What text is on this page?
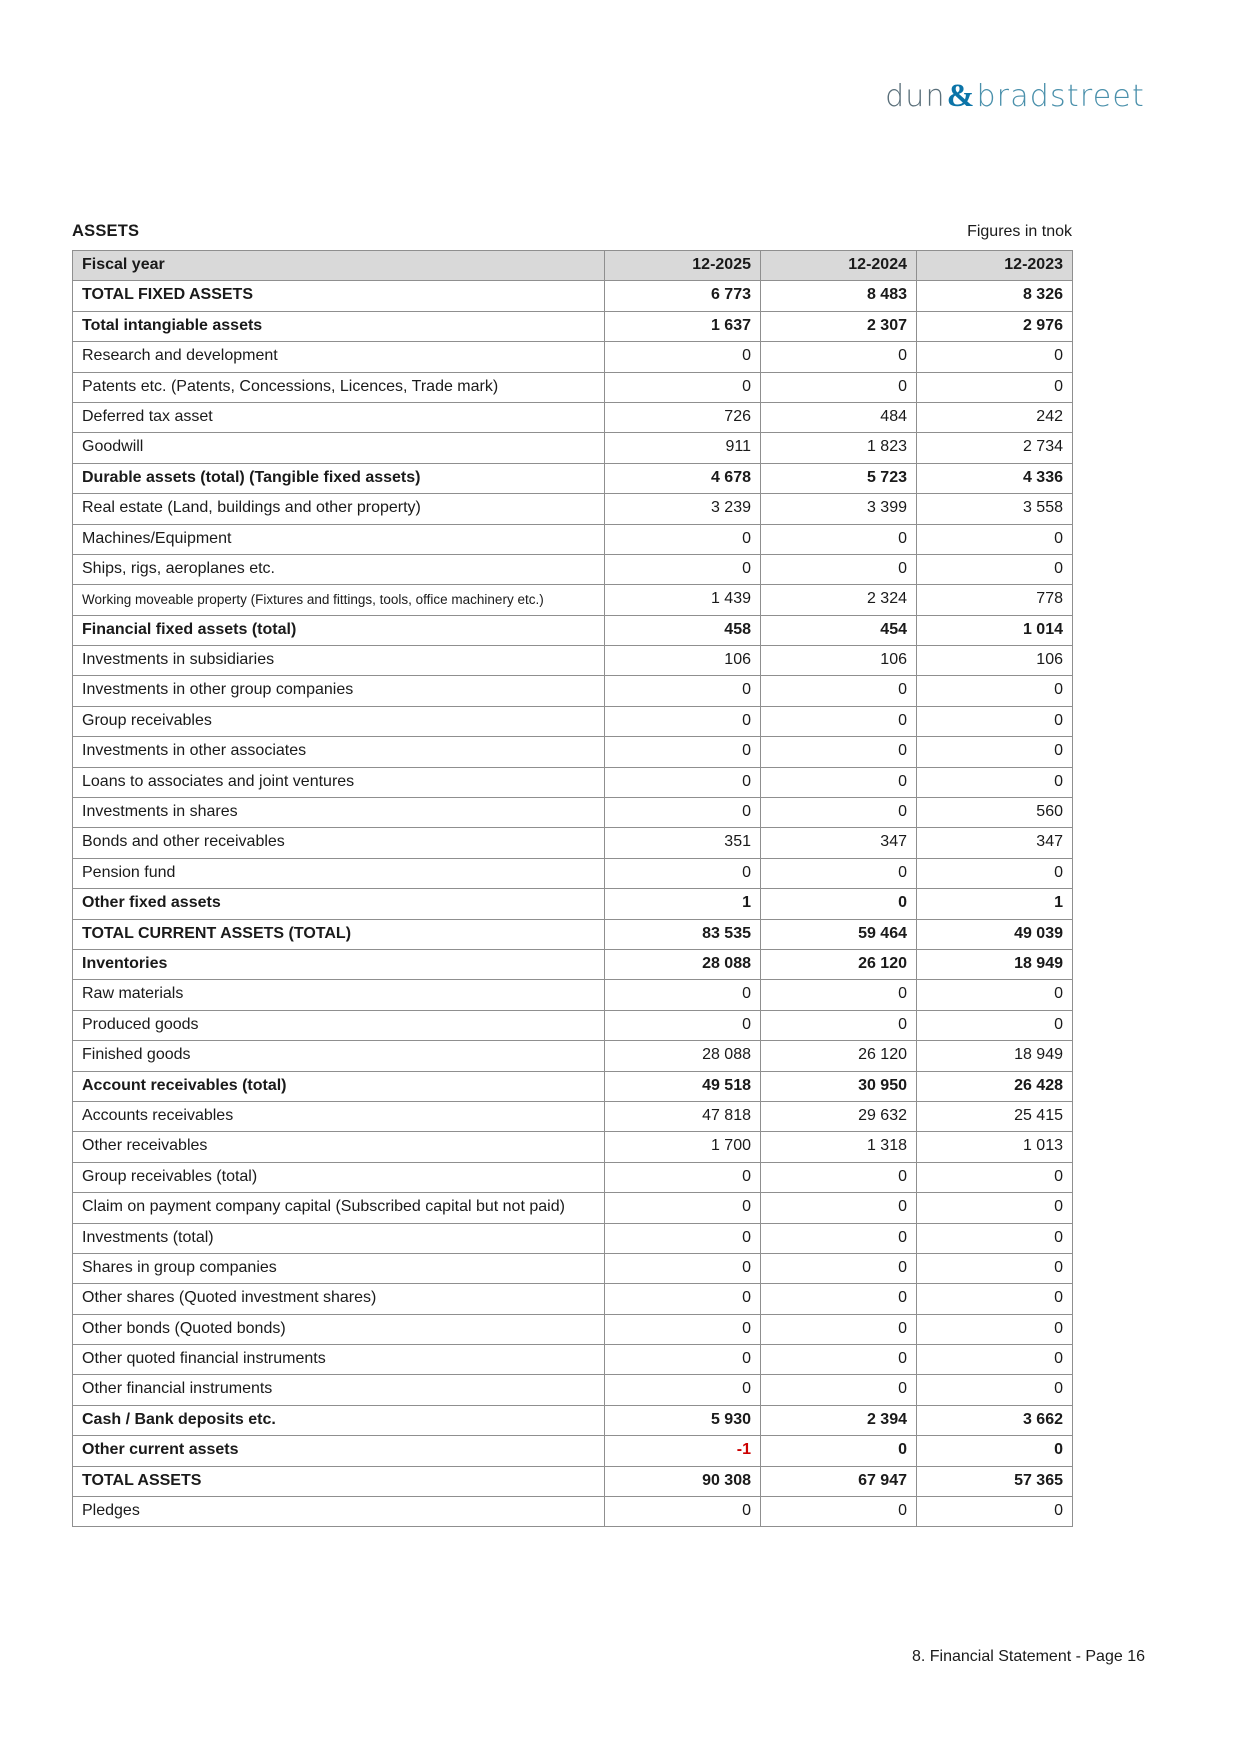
dun & bradstreet
ASSETS	Figures in tnok
Fiscal year	12-2025	12-2024	12-2023
TOTAL FIXED ASSETS	6 773	8 483	8 326
Total intangiable assets	1 637	2 307	2 976
Research and development	0	0	0
Patents etc. (Patents, Concessions, Licences, Trade mark)	0	0	0
Deferred tax asset	726	484	242
Goodwill	911	1 823	2 734
Durable assets (total) (Tangible fixed assets)	4 678	5 723	4 336
Real estate (Land, buildings and other property)	3 239	3 399	3 558
Machines/Equipment	0	0	0
Ships, rigs, aeroplanes etc.	0	0	0
Working moveable property (Fixtures and fittings, tools, office machinery etc.)	1 439	2 324	778
Financial fixed assets (total)	458	454	1 014
Investments in subsidiaries	106	106	106
Investments in other group companies	0	0	0
Group receivables	0	0	0
Investments in other associates	0	0	0
Loans to associates and joint ventures	0	0	0
Investments in shares	0	0	560
Bonds and other receivables	351	347	347
Pension fund	0	0	0
Other fixed assets	1	0	1
TOTAL CURRENT ASSETS (TOTAL)	83 535	59 464	49 039
Inventories	28 088	26 120	18 949
Raw materials	0	0	0
Produced goods	0	0	0
Finished goods	28 088	26 120	18 949
Account receivables (total)	49 518	30 950	26 428
Accounts receivables	47 818	29 632	25 415
Other receivables	1 700	1 318	1 013
Group receivables (total)	0	0	0
Claim on payment company capital (Subscribed capital but not paid)	0	0	0
Investments (total)	0	0	0
Shares in group companies	0	0	0
Other shares (Quoted investment shares)	0	0	0
Other bonds (Quoted bonds)	0	0	0
Other quoted financial instruments	0	0	0
Other financial instruments	0	0	0
Cash / Bank deposits etc.	5 930	2 394	3 662
Other current assets	-1	0	0
TOTAL ASSETS	90 308	67 947	57 365
Pledges	0	0	0
8. Financial Statement - Page 16
